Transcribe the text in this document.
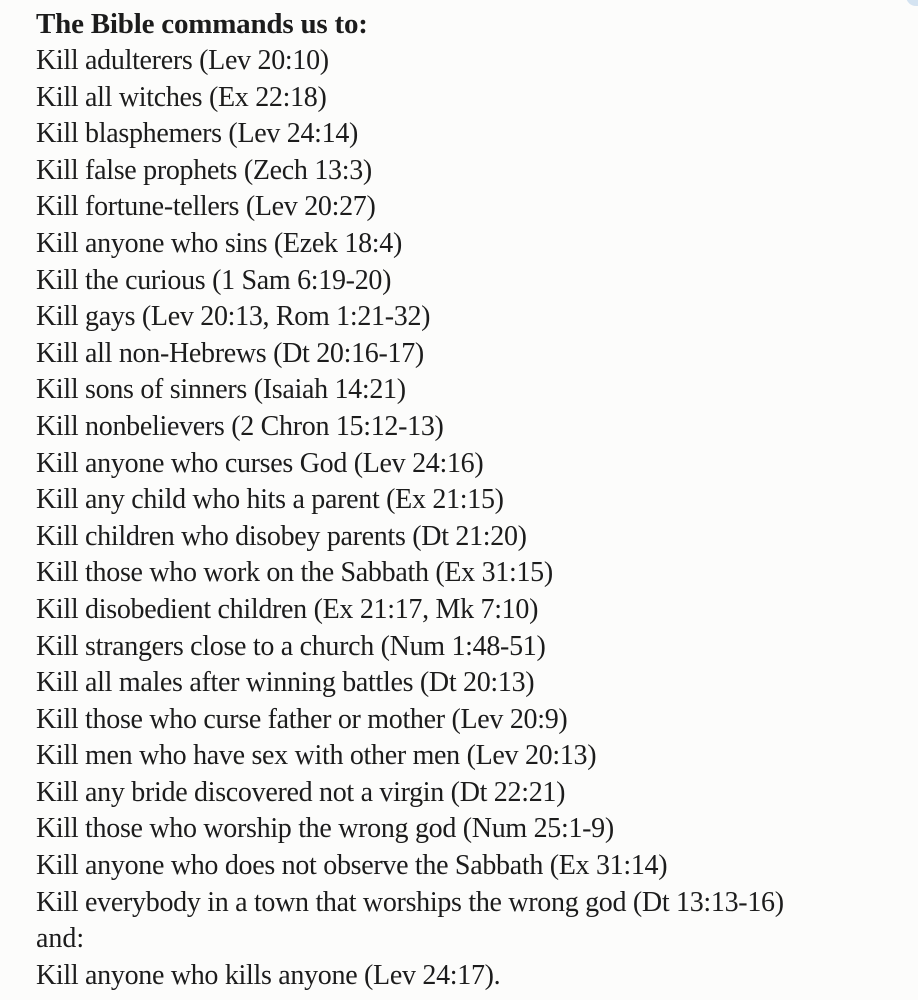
The Bible commands us to:
Kill adulterers (Lev 20:10)
Kill all witches (Ex 22:18)
Kill blasphemers (Lev 24:14)
Kill false prophets (Zech 13:3)
Kill fortune-tellers (Lev 20:27)
Kill anyone who sins (Ezek 18:4)
Kill the curious (1 Sam 6:19-20)
Kill gays (Lev 20:13, Rom 1:21-32)
Kill all non-Hebrews (Dt 20:16-17)
Kill sons of sinners (Isaiah 14:21)
Kill nonbelievers (2 Chron 15:12-13)
Kill anyone who curses God (Lev 24:16)
Kill any child who hits a parent (Ex 21:15)
Kill children who disobey parents (Dt 21:20)
Kill those who work on the Sabbath (Ex 31:15)
Kill disobedient children (Ex 21:17, Mk 7:10)
Kill strangers close to a church (Num 1:48-51)
Kill all males after winning battles (Dt 20:13)
Kill those who curse father or mother (Lev 20:9)
Kill men who have sex with other men (Lev 20:13)
Kill any bride discovered not a virgin (Dt 22:21)
Kill those who worship the wrong god (Num 25:1-9)
Kill anyone who does not observe the Sabbath (Ex 31:14)
Kill everybody in a town that worships the wrong god (Dt 13:13-16)
and:
Kill anyone who kills anyone (Lev 24:17).
